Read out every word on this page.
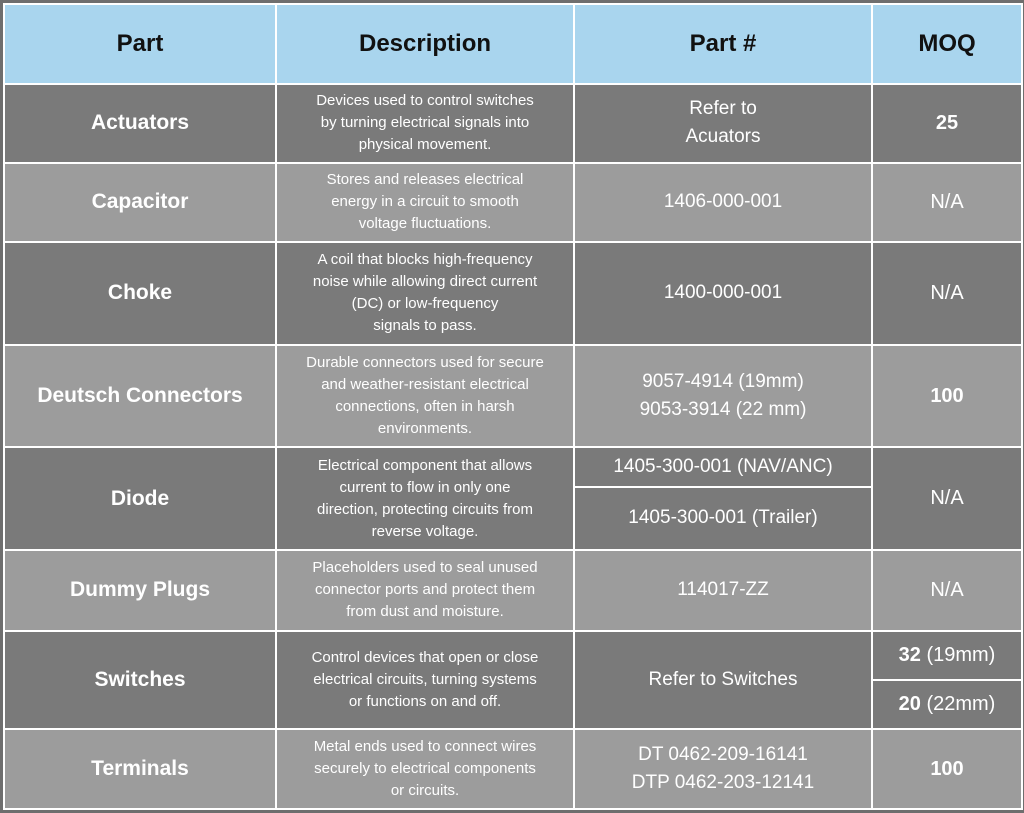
Part	Description	Part #	MOQ
Actuators	Devices used to control switches
by turning electrical signals into
physical movement.	Refer to
Acuators	25
Capacitor	Stores and releases electrical
energy in a circuit to smooth
voltage fluctuations.	1406-000-001	N/A
Choke	A coil that blocks high-frequency
noise while allowing direct current
(DC) or low-frequency
signals to pass.	1400-000-001	N/A
Deutsch Connectors	Durable connectors used for secure
and weather-resistant electrical
connections, often in harsh
environments.	9057-4914 (19mm)
9053-3914 (22 mm)	100
Diode	Electrical component that allows
current to flow in only one
direction, protecting circuits from
reverse voltage.	1405-300-001 (NAV/ANC)	N/A
		1405-300-001 (Trailer)	
Dummy Plugs	Placeholders used to seal unused
connector ports and protect them
from dust and moisture.	114017-ZZ	N/A
Switches	Control devices that open or close
electrical circuits, turning systems
or functions on and off.	Refer to Switches	32 (19mm)
			20 (22mm)
Terminals	Metal ends used to connect wires
securely to electrical components
or circuits.	DT 0462-209-16141
DTP 0462-203-12141	100
